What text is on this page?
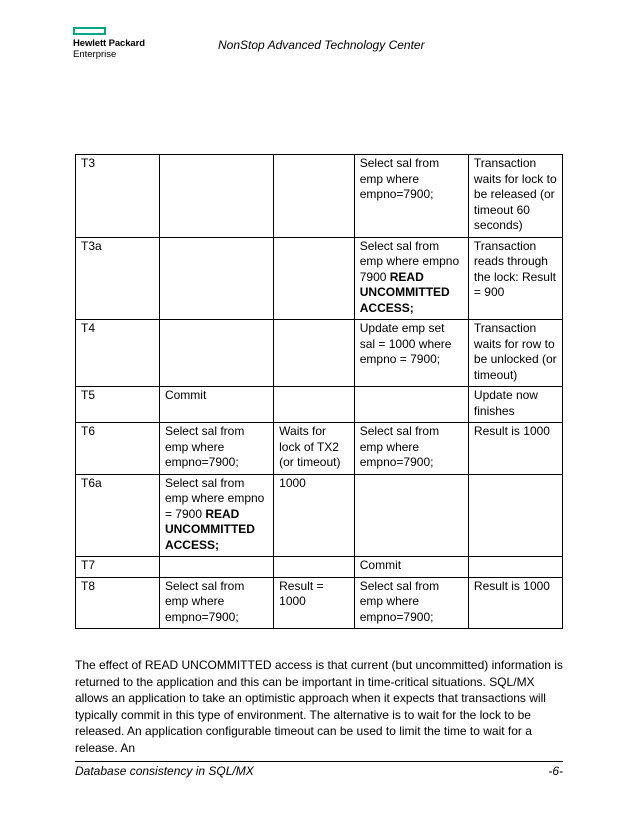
Hewlett Packard
Enterprise
NonStop Advanced Technology Center
T3			Select sal from emp where empno=7900;	Transaction waits for lock to be released (or timeout 60 seconds)
T3a			Select sal from emp where empno 7900 READ UNCOMMITTED ACCESS;	Transaction reads through the lock: Result = 900
T4			Update emp set sal = 1000 where empno = 7900;	Transaction waits for row to be unlocked (or timeout)
T5	Commit			Update now finishes
T6	Select sal from emp where empno=7900;	Waits for lock of TX2 (or timeout)	Select sal from emp where empno=7900;	Result is 1000
T6a	Select sal from emp where empno = 7900 READ UNCOMMITTED ACCESS;	1000		
T7			Commit	
T8	Select sal from emp where empno=7900;	Result = 1000	Select sal from emp where empno=7900;	Result is 1000
The effect of READ UNCOMMITTED access is that current (but uncommitted) information is returned to the application and this can be important in time-critical situations. SQL/MX allows an application to take an optimistic approach when it expects that transactions will typically commit in this type of environment. The alternative is to wait for the lock to be released. An application configurable timeout can be used to limit the time to wait for a release. An
Database consistency in SQL/MX	-6-
